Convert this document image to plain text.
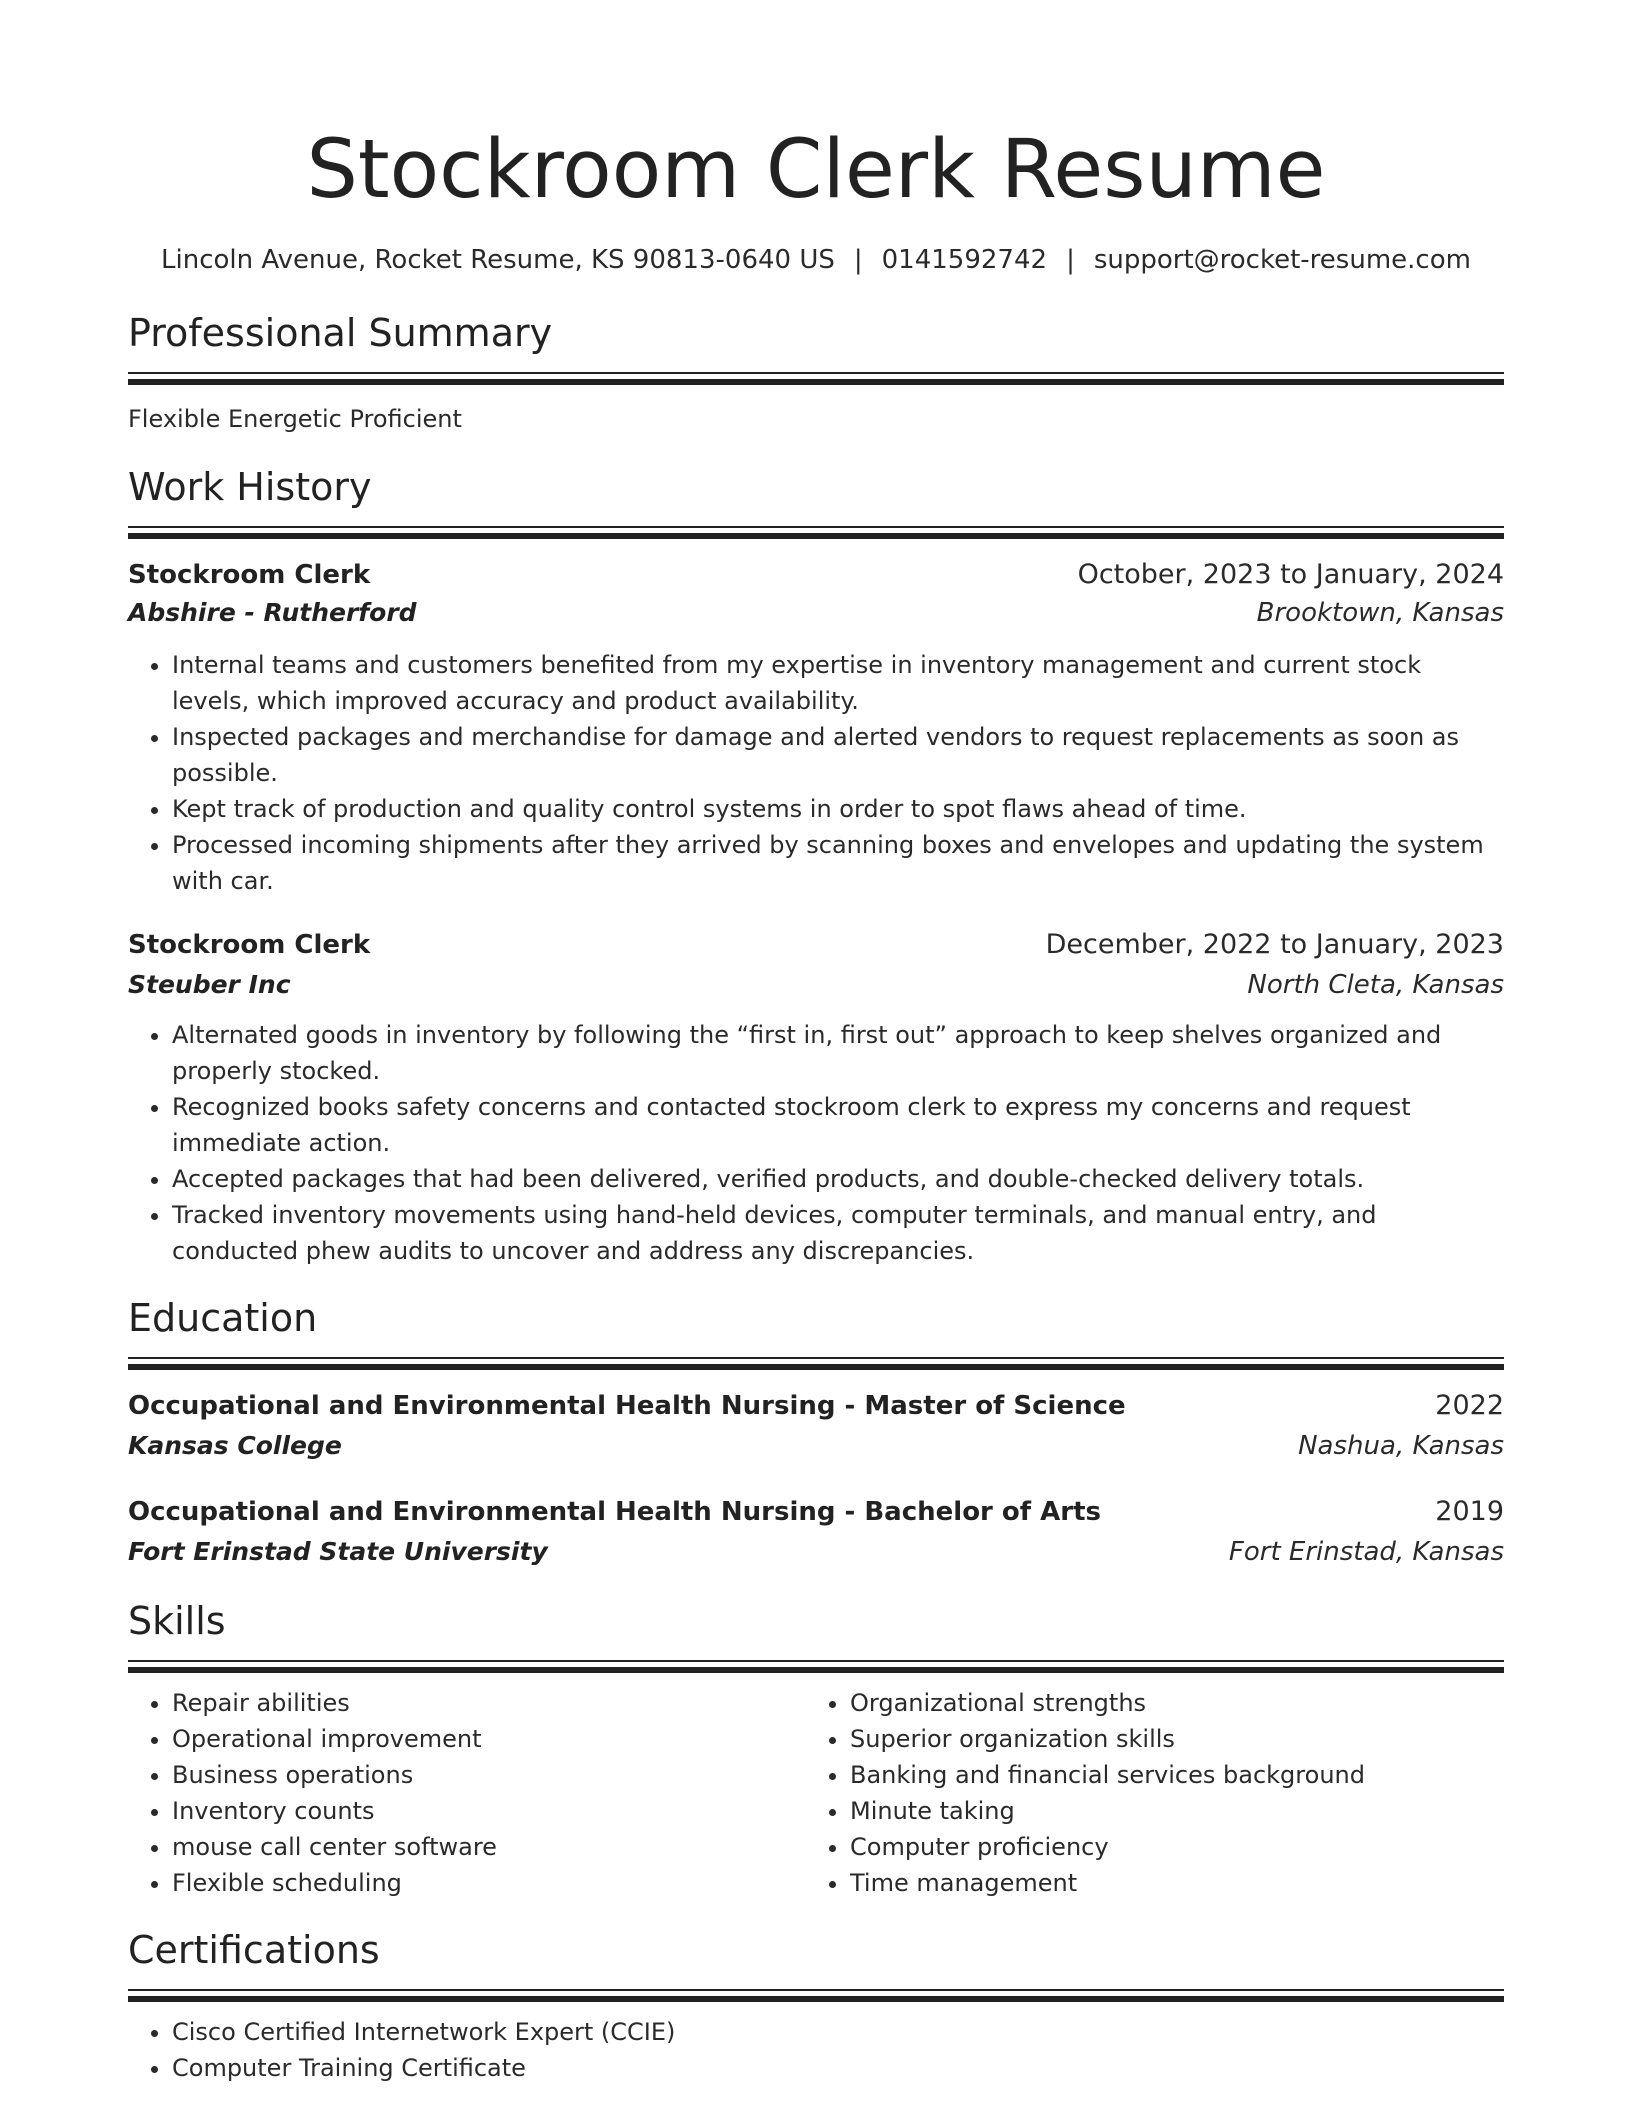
Stockroom Clerk Resume
Lincoln Avenue, Rocket Resume, KS 90813-0640 US | 0141592742 | support@rocket-resume.com
Professional Summary
Flexible Energetic Proficient
Work History
Stockroom Clerk	October, 2023 to January, 2024
Abshire - Rutherford	Brooktown, Kansas
• Internal teams and customers benefited from my expertise in inventory management and current stock levels, which improved accuracy and product availability.
• Inspected packages and merchandise for damage and alerted vendors to request replacements as soon as possible.
• Kept track of production and quality control systems in order to spot flaws ahead of time.
• Processed incoming shipments after they arrived by scanning boxes and envelopes and updating the system with car.
Stockroom Clerk	December, 2022 to January, 2023
Steuber Inc	North Cleta, Kansas
• Alternated goods in inventory by following the “first in, first out” approach to keep shelves organized and properly stocked.
• Recognized books safety concerns and contacted stockroom clerk to express my concerns and request immediate action.
• Accepted packages that had been delivered, verified products, and double-checked delivery totals.
• Tracked inventory movements using hand-held devices, computer terminals, and manual entry, and conducted phew audits to uncover and address any discrepancies.
Education
Occupational and Environmental Health Nursing - Master of Science	2022
Kansas College	Nashua, Kansas
Occupational and Environmental Health Nursing - Bachelor of Arts	2019
Fort Erinstad State University	Fort Erinstad, Kansas
Skills
• Repair abilities
• Operational improvement
• Business operations
• Inventory counts
• mouse call center software
• Flexible scheduling
• Organizational strengths
• Superior organization skills
• Banking and financial services background
• Minute taking
• Computer proficiency
• Time management
Certifications
• Cisco Certified Internetwork Expert (CCIE)
• Computer Training Certificate
